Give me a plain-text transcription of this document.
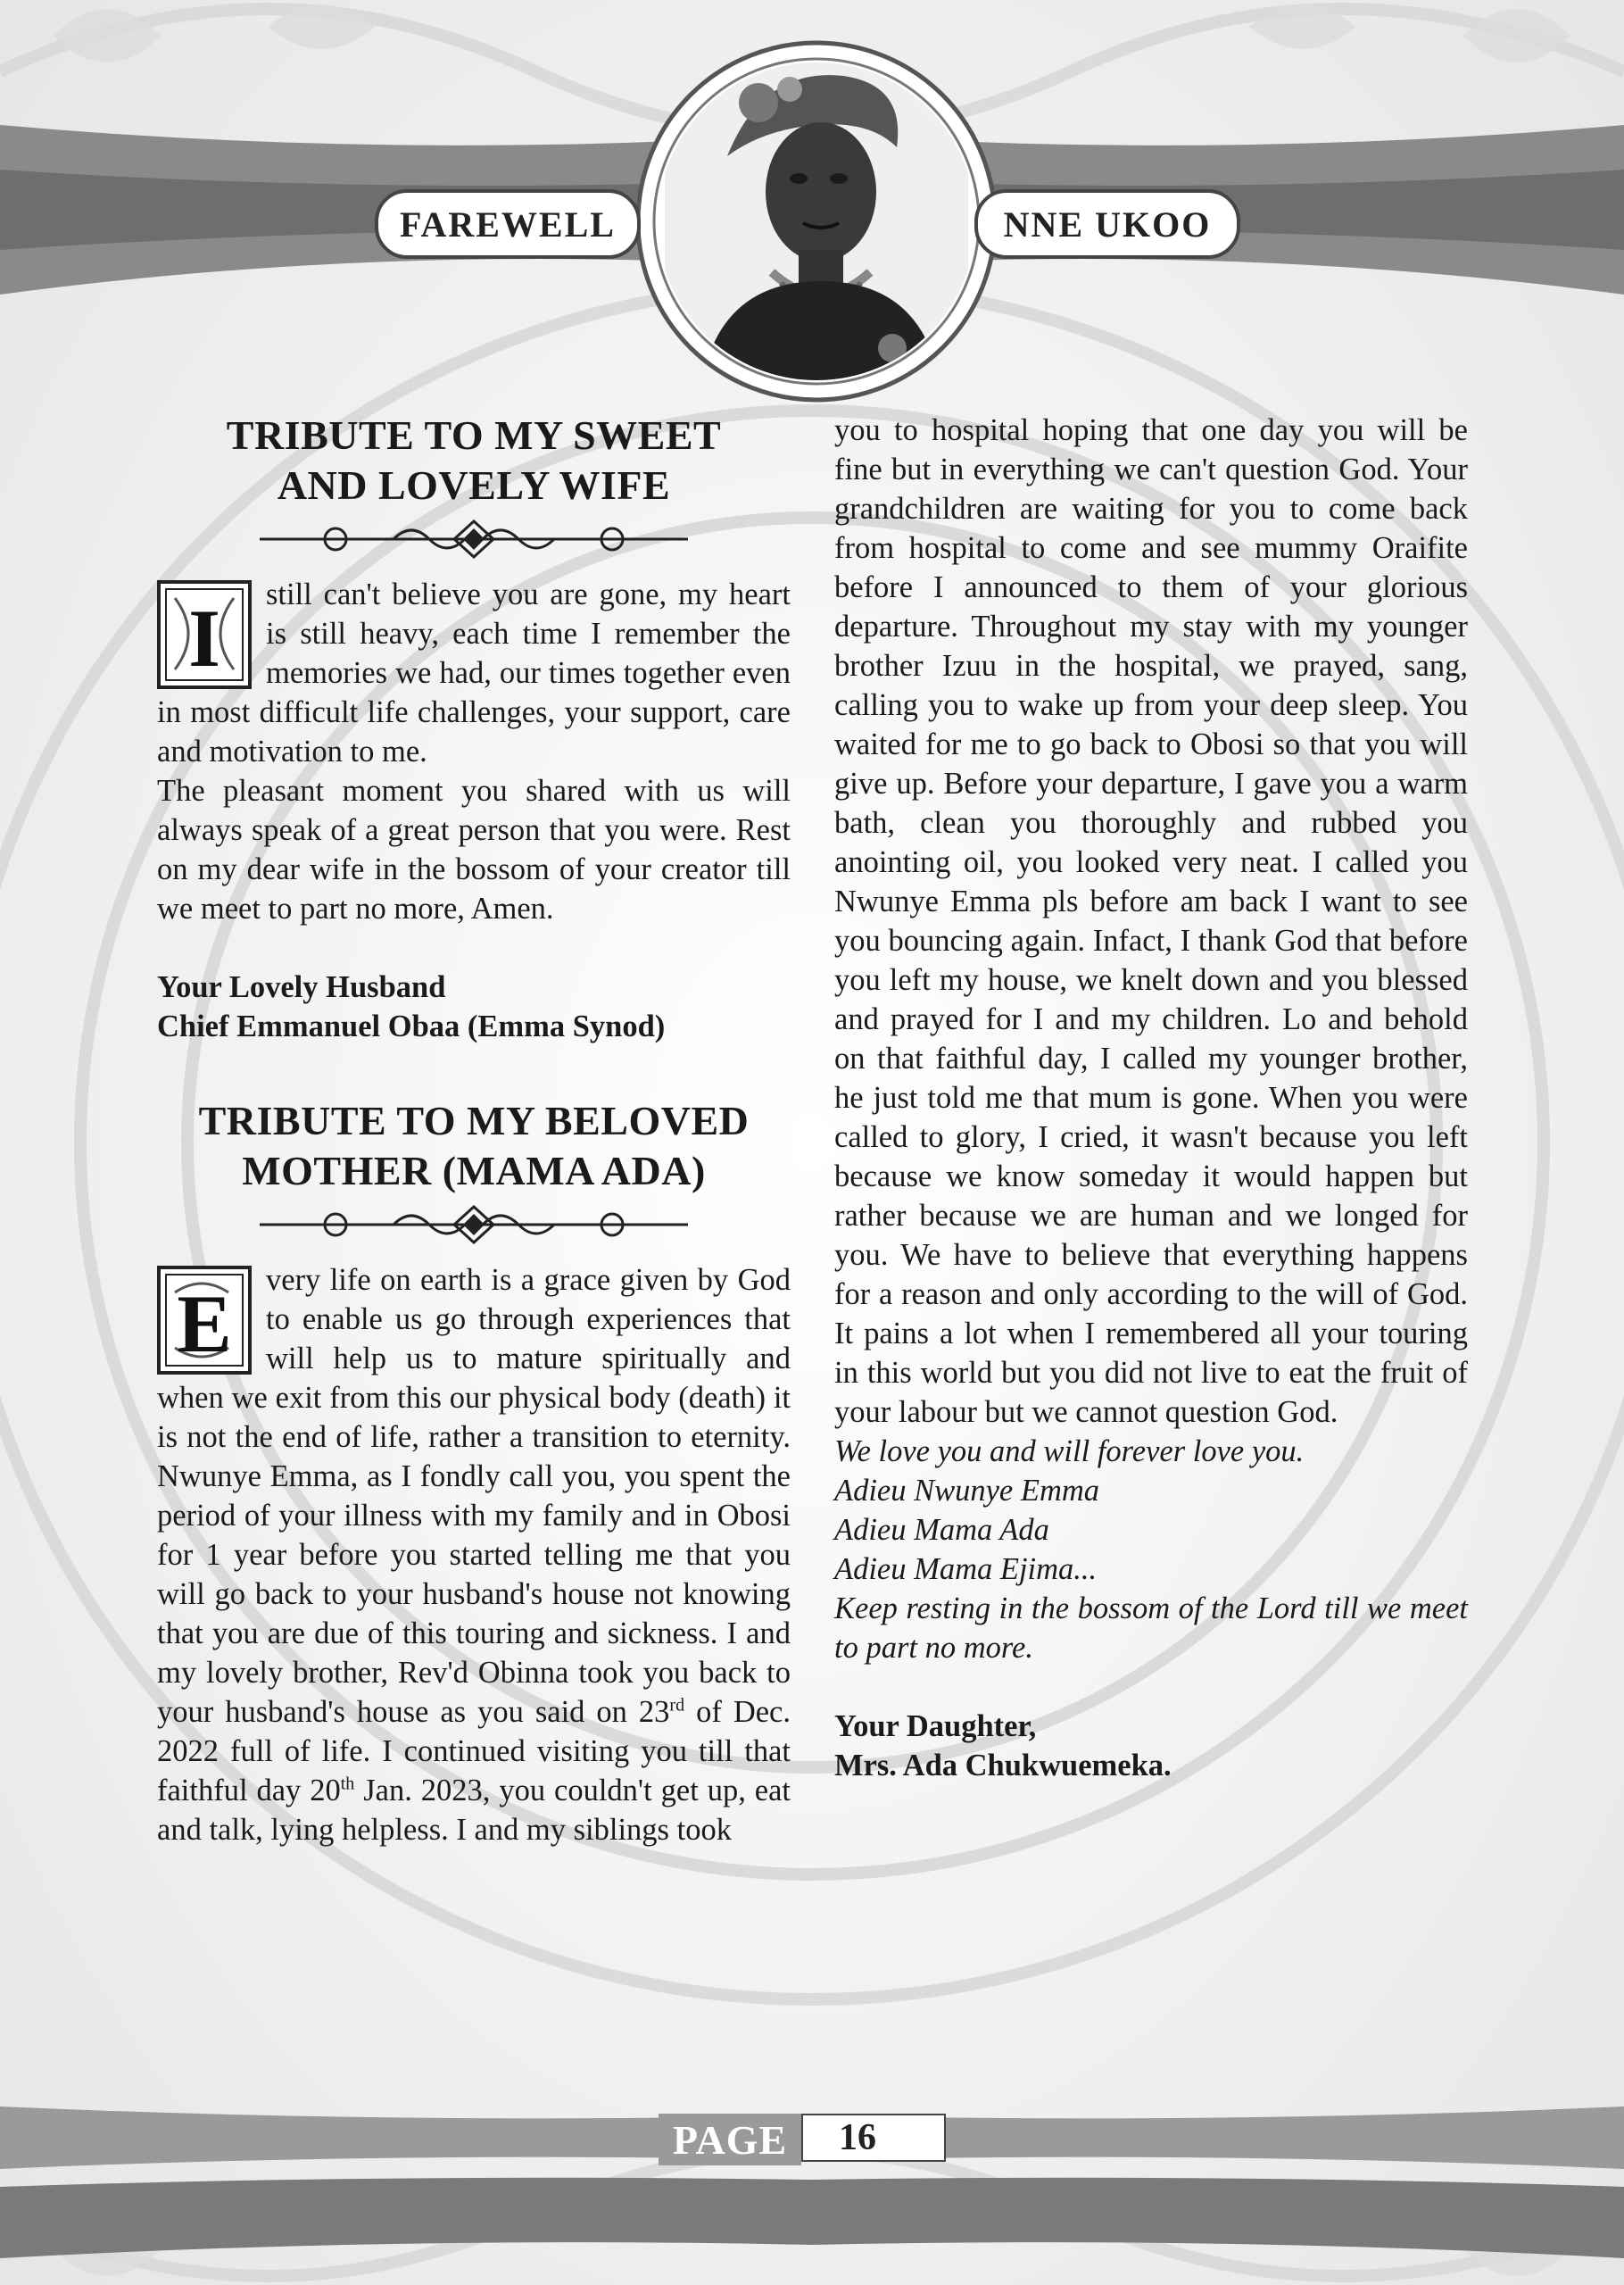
FAREWELL	NNE UKOO
TRIBUTE TO MY SWEET
AND LOVELY WIFE
I	still can't believe you are gone, my heart is still heavy, each time I remember the memories we had, our times together even in most difficult life challenges, your support, care and motivation to me.

The pleasant moment you shared with us will always speak of a great person that you were. Rest on my dear wife in the bossom of your creator till we meet to part no more, Amen.

Your Lovely Husband

Chief Emmanuel Obaa (Emma Synod)

TRIBUTE TO MY BELOVED
MOTHER (MAMA ADA)
E	very life on earth is a grace given by God to enable us go through experiences that will help us to mature spiritually and when we exit from this our physical body (death) it is not the end of life, rather a transition to eternity. Nwunye Emma, as I fondly call you, you spent the period of your illness with my family and in Obosi for 1 year before you started telling me that you will go back to your husband's house not knowing that you are due of this touring and sickness. I and my lovely brother, Rev'd Obinna took you back to your husband's house as you said on 23rd of Dec. 2022 full of life. I continued visiting you till that faithful day 20th Jan. 2023, you couldn't get up, eat and talk, lying helpless. I and my siblings took

you to hospital hoping that one day you will be fine but in everything we can't question God. Your grandchildren are waiting for you to come back from hospital to come and see mummy Oraifite before I announced to them of your glorious departure. Throughout my stay with my younger brother Izuu in the hospital, we prayed, sang, calling you to wake up from your deep sleep. You waited for me to go back to Obosi so that you will give up. Before your departure, I gave you a warm bath, clean you thoroughly and rubbed you anointing oil, you looked very neat. I called you Nwunye Emma pls before am back I want to see you bouncing again. Infact, I thank God that before you left my house, we knelt down and you blessed and prayed for I and my children. Lo and behold on that faithful day, I called my younger brother, he just told me that mum is gone. When you were called to glory, I cried, it wasn't because you left because we know someday it would happen but rather because we are human and we longed for you. We have to believe that everything happens for a reason and only according to the will of God. It pains a lot when I remembered all your touring in this world but you did not live to eat the fruit of your labour but we cannot question God.

We love you and will forever love you.

Adieu Nwunye Emma

Adieu Mama Ada

Adieu Mama Ejima...

Keep resting in the bossom of the Lord till we meet to part no more.

Your Daughter,

Mrs. Ada Chukwuemeka.

PAGE	16
